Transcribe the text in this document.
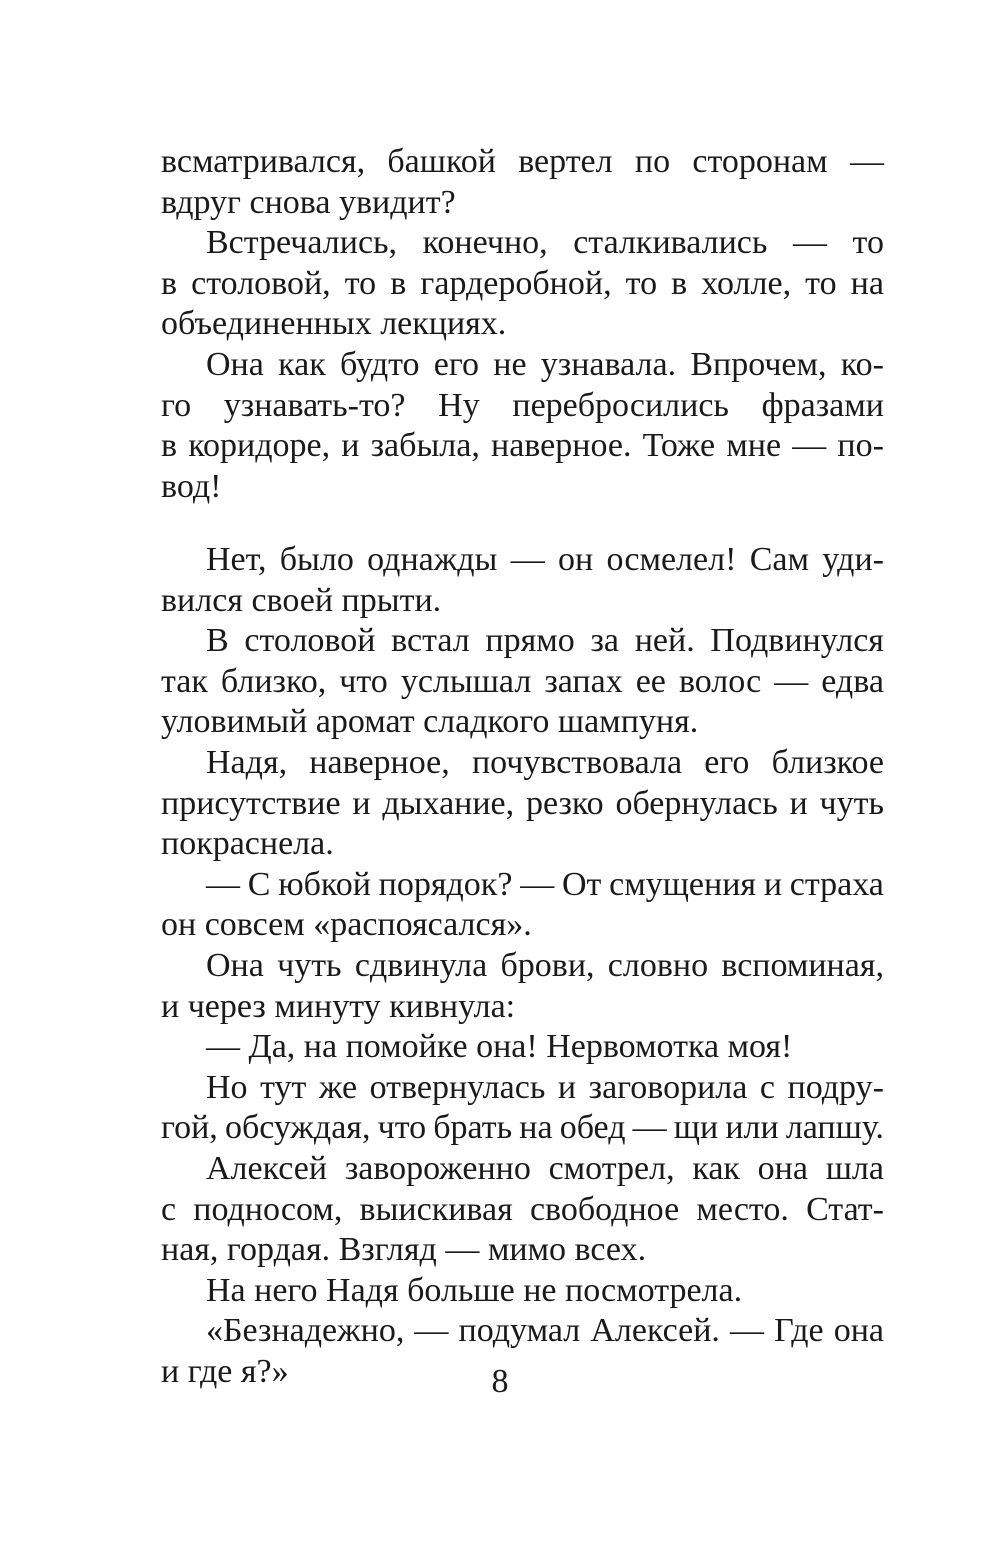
всматривался, башкой вертел по сторонам —
вдруг снова увидит?
Встречались, конечно, сталкивались — то
в столовой, то в гардеробной, то в холле, то на
объединенных лекциях.
Она как будто его не узнавала. Впрочем, ко-
го узнавать-то? Ну перебросились фразами
в коридоре, и забыла, наверное. Тоже мне — по-
вод!
Нет, было однажды — он осмелел! Сам уди-
вился своей прыти.
В столовой встал прямо за ней. Подвинулся
так близко, что услышал запах ее волос — едва
уловимый аромат сладкого шампуня.
Надя, наверное, почувствовала его близкое
присутствие и дыхание, резко обернулась и чуть
покраснела.
— С юбкой порядок? — От смущения и страха
он совсем «распоясался».
Она чуть сдвинула брови, словно вспоминая,
и через минуту кивнула:
— Да, на помойке она! Нервомотка моя!
Но тут же отвернулась и заговорила с подру-
гой, обсуждая, что брать на обед — щи или лапшу.
Алексей завороженно смотрел, как она шла
с подносом, выискивая свободное место. Стат-
ная, гордая. Взгляд — мимо всех.
На него Надя больше не посмотрела.
«Безнадежно, — подумал Алексей. — Где она
и где я?»	8
